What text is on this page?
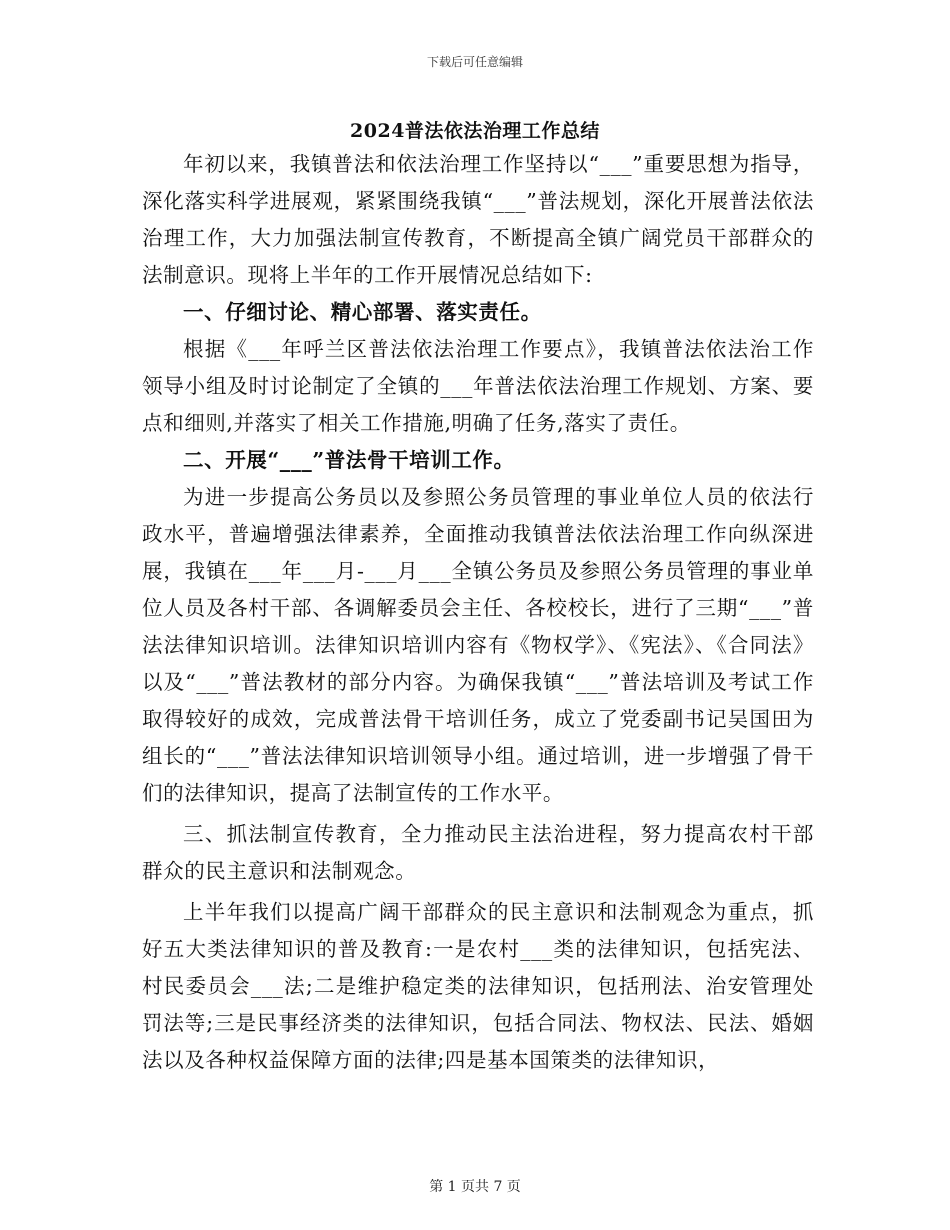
下载后可任意编辑
2024普法依法治理工作总结

年初以来，我镇普法和依法治理工作坚持以“___”重要思想为指导，深化落实科学进展观，紧紧围绕我镇“___”普法规划，深化开展普法依法治理工作，大力加强法制宣传教育，不断提高全镇广阔党员干部群众的法制意识。现将上半年的工作开展情况总结如下:

一、仔细讨论、精心部署、落实责任。

根据《___年呼兰区普法依法治理工作要点》，我镇普法依法治工作领导小组及时讨论制定了全镇的___年普法依法治理工作规划、方案、要点和细则,并落实了相关工作措施,明确了任务,落实了责任。

二、开展“___”普法骨干培训工作。

为进一步提高公务员以及参照公务员管理的事业单位人员的依法行政水平，普遍增强法律素养，全面推动我镇普法依法治理工作向纵深进展，我镇在___年___月-___月___全镇公务员及参照公务员管理的事业单位人员及各村干部、各调解委员会主任、各校校长，进行了三期“___”普法法律知识培训。法律知识培训内容有《物权学》、《宪法》、《合同法》以及“___”普法教材的部分内容。为确保我镇“___”普法培训及考试工作取得较好的成效，完成普法骨干培训任务，成立了党委副书记吴国田为组长的“___”普法法律知识培训领导小组。通过培训，进一步增强了骨干们的法律知识，提高了法制宣传的工作水平。

三、抓法制宣传教育，全力推动民主法治进程，努力提高农村干部群众的民主意识和法制观念。

上半年我们以提高广阔干部群众的民主意识和法制观念为重点，抓好五大类法律知识的普及教育:一是农村___类的法律知识，包括宪法、村民委员会___法;二是维护稳定类的法律知识，包括刑法、治安管理处罚法等;三是民事经济类的法律知识，包括合同法、物权法、民法、婚姻法以及各种权益保障方面的法律;四是基本国策类的法律知识，

第 1 页共 7 页
